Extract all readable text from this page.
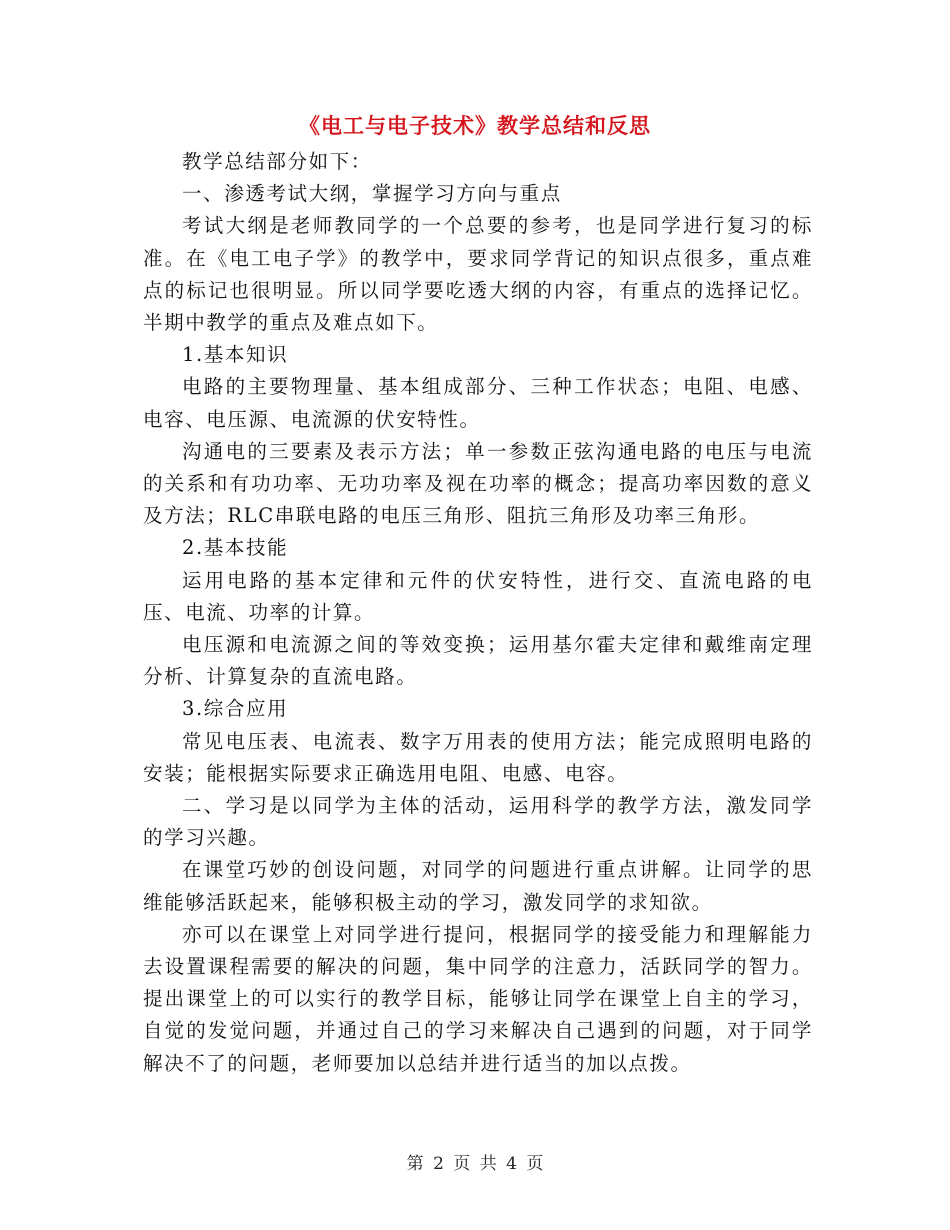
《电工与电子技术》教学总结和反思

教学总结部分如下：

一、渗透考试大纲，掌握学习方向与重点

考试大纲是老师教同学的一个总要的参考，也是同学进行复习的标准。在《电工电子学》的教学中，要求同学背记的知识点很多，重点难点的标记也很明显。所以同学要吃透大纲的内容，有重点的选择记忆。半期中教学的重点及难点如下。

1.基本知识

电路的主要物理量、基本组成部分、三种工作状态；电阻、电感、电容、电压源、电流源的伏安特性。

沟通电的三要素及表示方法；单一参数正弦沟通电路的电压与电流的关系和有功功率、无功功率及视在功率的概念；提高功率因数的意义及方法；RLC串联电路的电压三角形、阻抗三角形及功率三角形。

2.基本技能

运用电路的基本定律和元件的伏安特性，进行交、直流电路的电压、电流、功率的计算。

电压源和电流源之间的等效变换；运用基尔霍夫定律和戴维南定理分析、计算复杂的直流电路。

3.综合应用

常见电压表、电流表、数字万用表的使用方法；能完成照明电路的安装；能根据实际要求正确选用电阻、电感、电容。

二、学习是以同学为主体的活动，运用科学的教学方法，激发同学的学习兴趣。

在课堂巧妙的创设问题，对同学的问题进行重点讲解。让同学的思维能够活跃起来，能够积极主动的学习，激发同学的求知欲。

亦可以在课堂上对同学进行提问，根据同学的接受能力和理解能力去设置课程需要的解决的问题，集中同学的注意力，活跃同学的智力。提出课堂上的可以实行的教学目标，能够让同学在课堂上自主的学习，自觉的发觉问题，并通过自己的学习来解决自己遇到的问题，对于同学解决不了的问题，老师要加以总结并进行适当的加以点拨。

第 2 页 共 4 页
